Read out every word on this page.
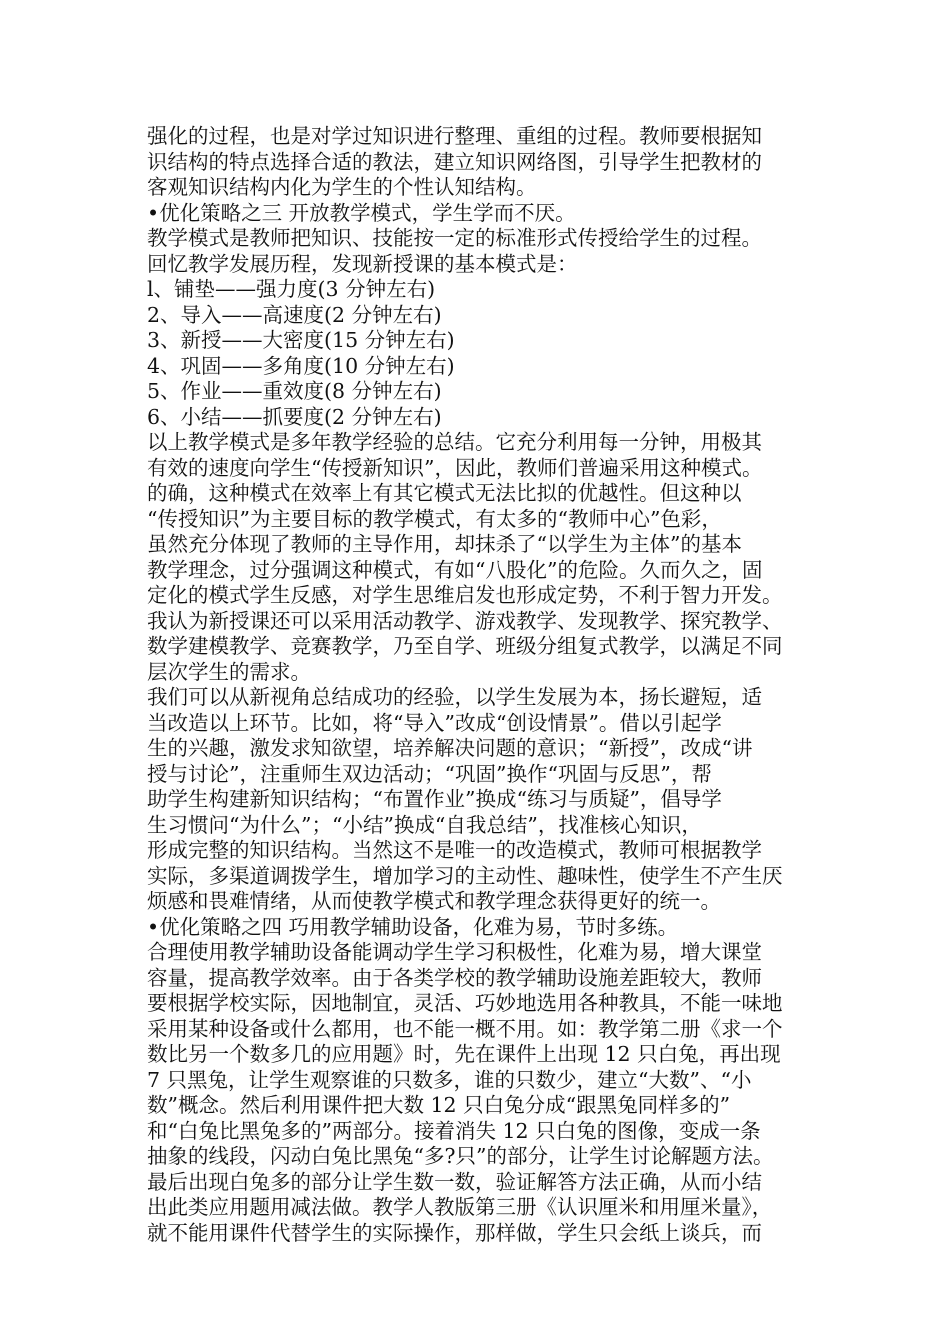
强化的过程，也是对学过知识进行整理、重组的过程。教师要根据知
识结构的特点选择合适的教法，建立知识网络图，引导学生把教材的
客观知识结构内化为学生的个性认知结构。
•优化策略之三 开放教学模式，学生学而不厌。
教学模式是教师把知识、技能按一定的标准形式传授给学生的过程。
回忆教学发展历程，发现新授课的基本模式是：
l、铺垫——强力度(3 分钟左右)
2、导入——高速度(2 分钟左右)
3、新授——大密度(15 分钟左右)
4、巩固——多角度(10 分钟左右)
5、作业——重效度(8 分钟左右)
6、小结——抓要度(2 分钟左右)
以上教学模式是多年教学经验的总结。它充分利用每一分钟，用极其
有效的速度向学生“传授新知识”，因此，教师们普遍采用这种模式。
的确，这种模式在效率上有其它模式无法比拟的优越性。但这种以
“传授知识”为主要目标的教学模式，有太多的“教师中心”色彩，
虽然充分体现了教师的主导作用，却抹杀了“以学生为主体”的基本
教学理念，过分强调这种模式，有如“八股化”的危险。久而久之，固
定化的模式学生反感，对学生思维启发也形成定势，不利于智力开发。
我认为新授课还可以采用活动教学、游戏教学、发现教学、探究教学、
数学建模教学、竞赛教学，乃至自学、班级分组复式教学，以满足不同
层次学生的需求。
我们可以从新视角总结成功的经验，以学生发展为本，扬长避短，适
当改造以上环节。比如，将“导入”改成“创设情景”。借以引起学
生的兴趣，激发求知欲望，培养解决问题的意识；“新授”，改成“讲
授与讨论”，注重师生双边活动；“巩固”换作“巩固与反思”，帮
助学生构建新知识结构；“布置作业”换成“练习与质疑”，倡导学
生习惯问“为什么”；“小结”换成“自我总结”，找准核心知识，
形成完整的知识结构。当然这不是唯一的改造模式，教师可根据教学
实际，多渠道调拨学生，增加学习的主动性、趣味性，使学生不产生厌
烦感和畏难情绪，从而使教学模式和教学理念获得更好的统一。
•优化策略之四 巧用教学辅助设备，化难为易，节时多练。
合理使用教学辅助设备能调动学生学习积极性，化难为易，增大课堂
容量，提高教学效率。由于各类学校的教学辅助设施差距较大，教师
要根据学校实际，因地制宜，灵活、巧妙地选用各种教具，不能一味地
采用某种设备或什么都用，也不能一概不用。如：教学第二册《求一个
数比另一个数多几的应用题》时，先在课件上出现 12 只白兔，再出现
7 只黑兔，让学生观察谁的只数多，谁的只数少，建立“大数”、“小
数”概念。然后利用课件把大数 12 只白兔分成“跟黑兔同样多的”
和“白兔比黑兔多的”两部分。接着消失 12 只白兔的图像，变成一条
抽象的线段，闪动白兔比黑兔“多?只”的部分，让学生讨论解题方法。
最后出现白兔多的部分让学生数一数，验证解答方法正确，从而小结
出此类应用题用减法做。教学人教版第三册《认识厘米和用厘米量》，
就不能用课件代替学生的实际操作，那样做，学生只会纸上谈兵，而
